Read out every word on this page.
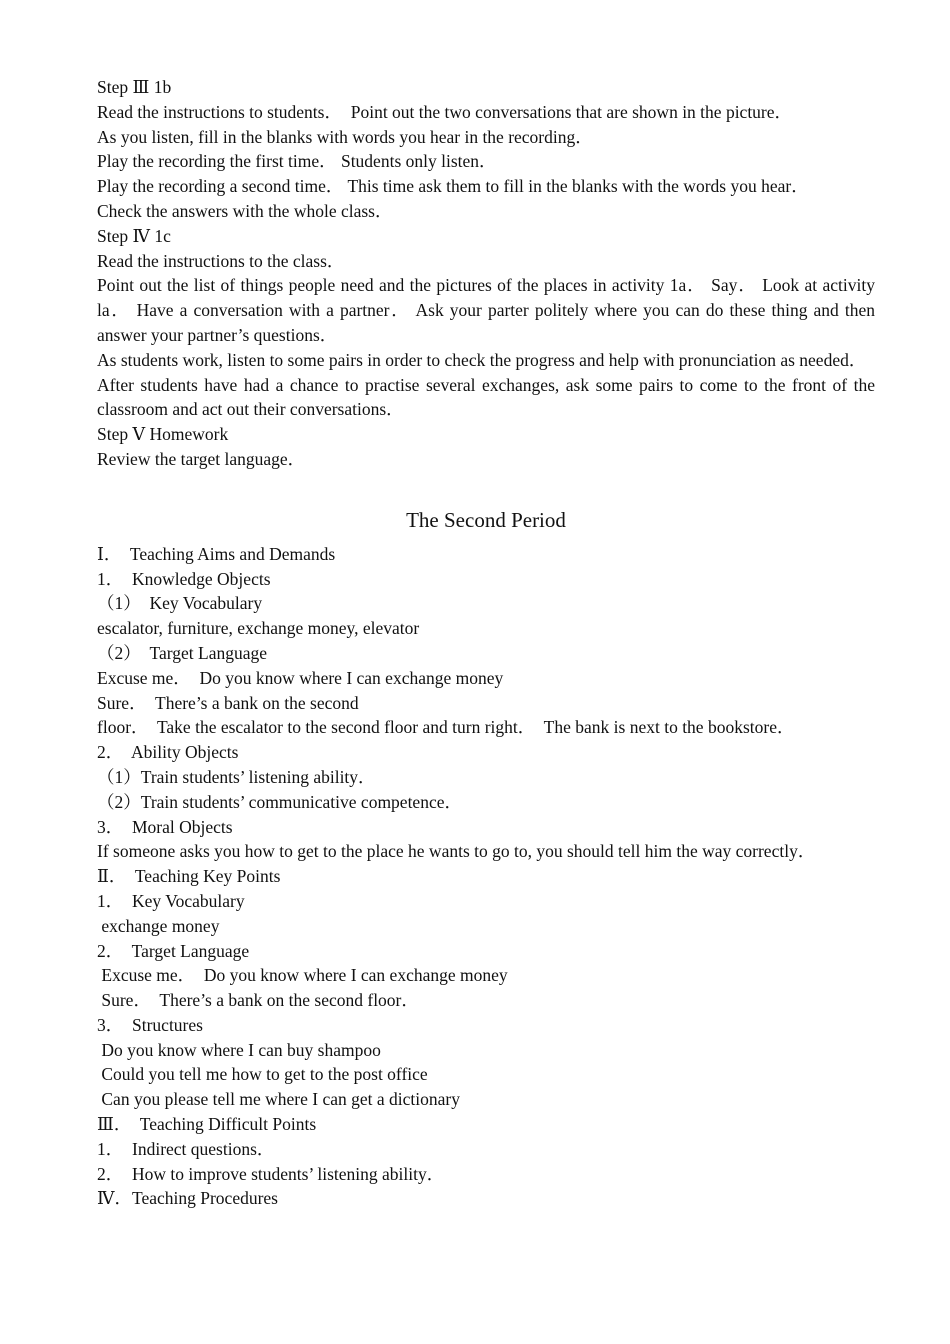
Step Ⅲ 1b
Read the instructions to students．  Point out the two conversations that are shown in the picture．
As you listen, fill in the blanks with words you hear in the recording．
Play the recording the first time． Students only listen．
Play the recording a second time． This time ask them to fill in the blanks with the words you hear．
Check the answers with the whole class．
Step Ⅳ 1c
Read the instructions to the class．
Point out the list of things people need and the pictures of the places in activity 1a． Say． Look at activity la． Have a conversation with a partner． Ask your parter politely where you can do these thing and then answer your partner’s questions．
As students work, listen to some pairs in order to check the progress and help with pronunciation as needed．
After students have had a chance to practise several exchanges, ask some pairs to come to the front of the classroom and act out their conversations．
Step Ⅴ Homework
Review the target language．
The Second Period
Ⅰ．  Teaching Aims and Demands
1．  Knowledge Objects
（1）  Key Vocabulary
escalator, furniture, exchange money, elevator
（2）  Target Language
Excuse me．  Do you know where I can exchange money
Sure．  There’s a bank on the second
floor．  Take the escalator to the second floor and turn right．  The bank is next to the bookstore．
2．  Ability Objects
（1）Train students’ listening ability．
（2）Train students’ communicative competence．
3．  Moral Objects
If someone asks you how to get to the place he wants to go to, you should tell him the way correctly．
Ⅱ．  Teaching Key Points
1．  Key Vocabulary
exchange money
2．  Target Language
Excuse me．  Do you know where I can exchange money
Sure．  There’s a bank on the second floor．
3．  Structures
Do you know where I can buy shampoo
Could you tell me how to get to the post office
Can you please tell me where I can get a dictionary
Ⅲ．  Teaching Difficult Points
1．  Indirect questions．
2．  How to improve students’ listening ability．
Ⅳ．Teaching Procedures
